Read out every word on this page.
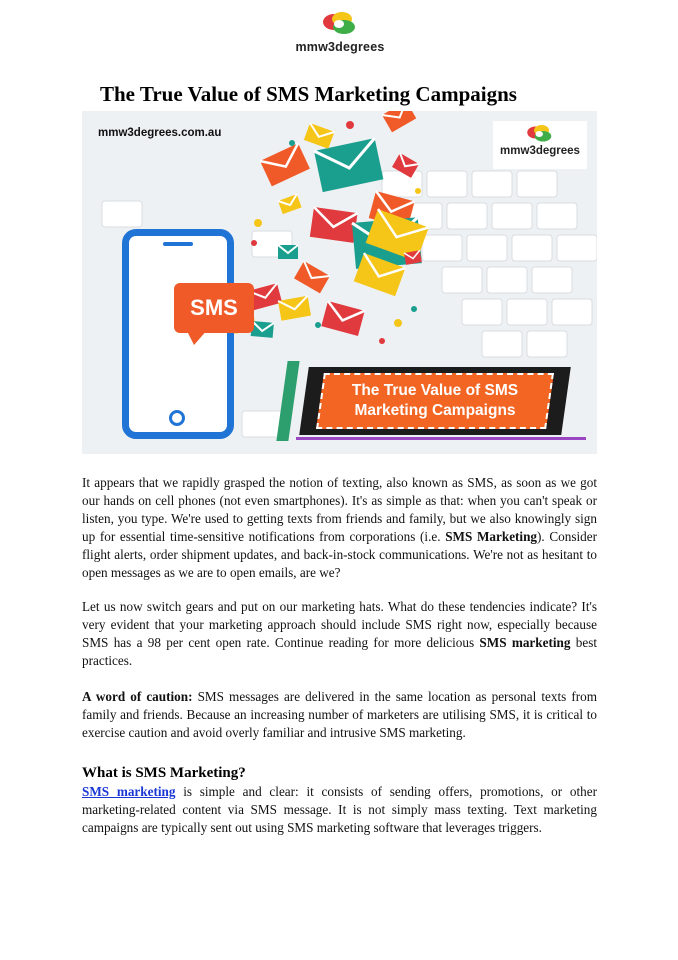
mmw3degrees
The True Value of SMS Marketing Campaigns
mmw3degrees.com.au
mmw3degrees
SMS
The True Value of SMS
Marketing Campaigns

It appears that we rapidly grasped the notion of texting, also known as SMS, as soon as we got our hands on cell phones (not even smartphones). It's as simple as that: when you can't speak or listen, you type. We're used to getting texts from friends and family, but we also knowingly sign up for essential time-sensitive notifications from corporations (i.e. SMS Marketing). Consider flight alerts, order shipment updates, and back-in-stock communications. We're not as hesitant to open messages as we are to open emails, are we?

Let us now switch gears and put on our marketing hats. What do these tendencies indicate? It's very evident that your marketing approach should include SMS right now, especially because SMS has a 98 per cent open rate. Continue reading for more delicious SMS marketing best practices.

A word of caution: SMS messages are delivered in the same location as personal texts from family and friends. Because an increasing number of marketers are utilising SMS, it is critical to exercise caution and avoid overly familiar and intrusive SMS marketing.

What is SMS Marketing?

SMS marketing is simple and clear: it consists of sending offers, promotions, or other marketing-related content via SMS message. It is not simply mass texting. Text marketing campaigns are typically sent out using SMS marketing software that leverages triggers.
